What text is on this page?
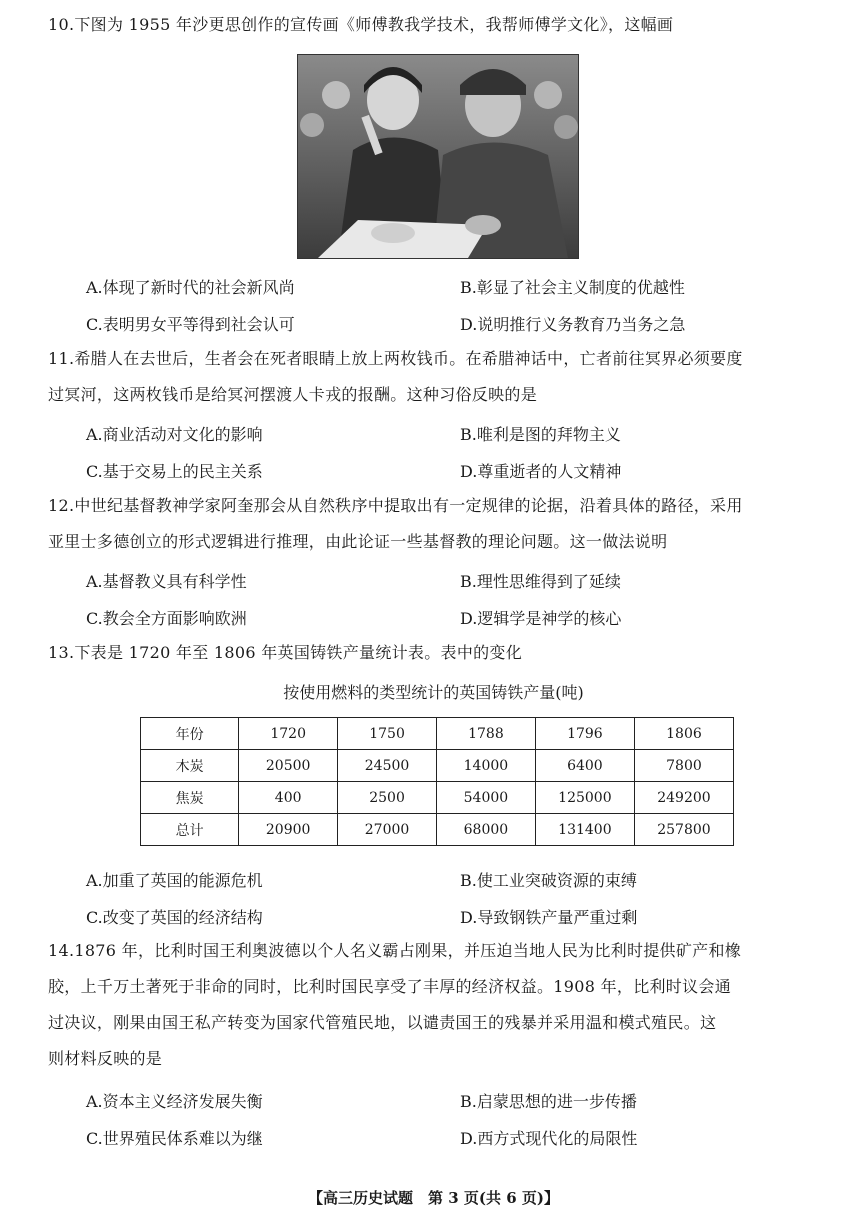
10.下图为 1955 年沙更思创作的宣传画《师傅教我学技术，我帮师傅学文化》，这幅画
A.体现了新时代的社会新风尚	B.彰显了社会主义制度的优越性
C.表明男女平等得到社会认可	D.说明推行义务教育乃当务之急
11.希腊人在去世后，生者会在死者眼睛上放上两枚钱币。在希腊神话中，亡者前往冥界必须要度
过冥河，这两枚钱币是给冥河摆渡人卡戎的报酬。这种习俗反映的是
A.商业活动对文化的影响	B.唯利是图的拜物主义
C.基于交易上的民主关系	D.尊重逝者的人文精神
12.中世纪基督教神学家阿奎那会从自然秩序中提取出有一定规律的论据，沿着具体的路径，采用
亚里士多德创立的形式逻辑进行推理，由此论证一些基督教的理论问题。这一做法说明
A.基督教义具有科学性	B.理性思维得到了延续
C.教会全方面影响欧洲	D.逻辑学是神学的核心
13.下表是 1720 年至 1806 年英国铸铁产量统计表。表中的变化
按使用燃料的类型统计的英国铸铁产量(吨)
年份	1720	1750	1788	1796	1806
木炭	20500	24500	14000	6400	7800
焦炭	400	2500	54000	125000	249200
总计	20900	27000	68000	131400	257800
A.加重了英国的能源危机	B.使工业突破资源的束缚
C.改变了英国的经济结构	D.导致钢铁产量严重过剩
14.1876 年，比利时国王利奥波德以个人名义霸占刚果，并压迫当地人民为比利时提供矿产和橡
胶，上千万土著死于非命的同时，比利时国民享受了丰厚的经济权益。1908 年，比利时议会通
过决议，刚果由国王私产转变为国家代管殖民地，以谴责国王的残暴并采用温和模式殖民。这
则材料反映的是
A.资本主义经济发展失衡	B.启蒙思想的进一步传播
C.世界殖民体系难以为继	D.西方式现代化的局限性
【高三历史试题　第 3 页(共 6 页)】
